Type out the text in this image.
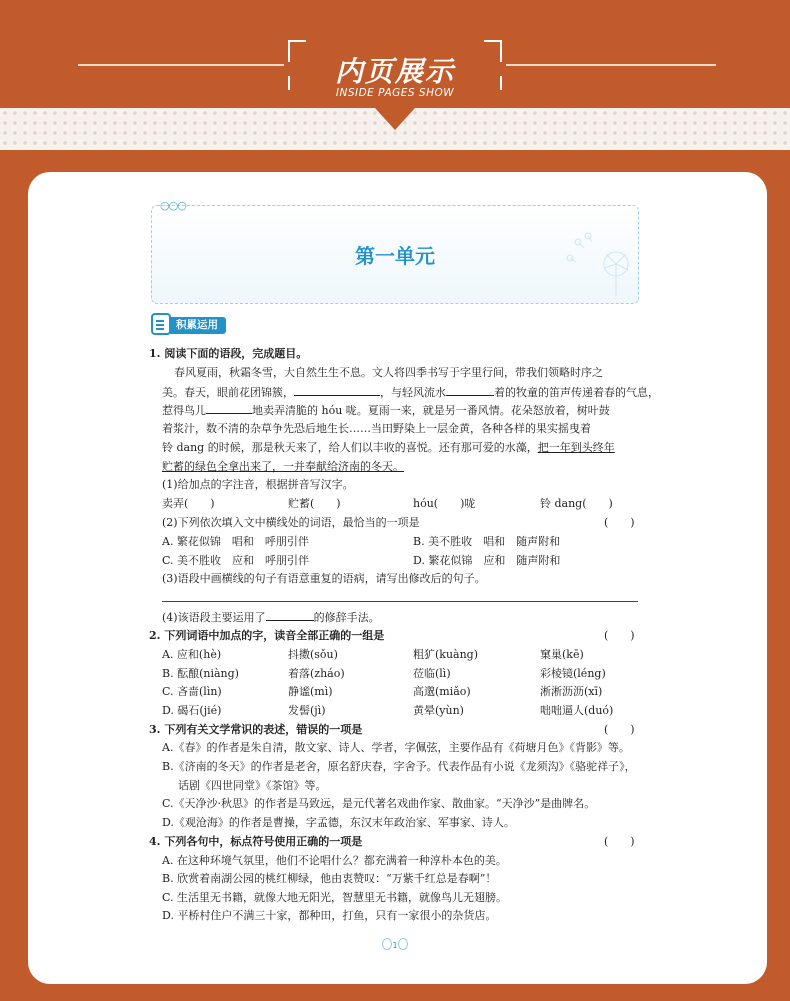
内页展示
INSIDE PAGES SHOW
○○○
第一单元
积累运用
1. 阅读下面的语段，完成题目。
春风夏雨，秋霜冬雪，大自然生生不息。文人将四季书写于字里行间，带我们领略时序之
美。春天，眼前花团锦簇，	，与轻风流水	着的牧童的笛声传递着春的气息，
惹得鸟儿	地卖弄清脆的 hóu 咙。夏雨一来，就是另一番风情。花朵怒放着，树叶鼓
着浆汁，数不清的杂草争先恐后地生长……当田野染上一层金黄，各种各样的果实摇曳着
铃 dang 的时候，那是秋天来了，给人们以丰收的喜悦。还有那可爱的水藻，把一年到头终年
贮蓄的绿色全拿出来了，一并奉献给济南的冬天。
(1)给加点的字注音，根据拼音写汉字。
卖弄(　　)	贮蓄(　　)	hóu(　　)咙	铃 dang(　　)
(2)下列依次填入文中横线处的词语，最恰当的一项是	(　　)
A. 繁花似锦　唱和　呼朋引伴	B. 美不胜收　唱和　随声附和
C. 美不胜收　应和　呼朋引伴	D. 繁花似锦　应和　随声附和
(3)语段中画横线的句子有语意重复的语病，请写出修改后的句子。
(4)该语段主要运用了	的修辞手法。
2. 下列词语中加点的字，读音全部正确的一组是	(　　)
A. 应和(hè)	抖擞(sǒu)	粗犷(kuàng)	窠巢(kē)
B. 酝酿(niàng)	着落(zháo)	莅临(lì)	彩棱镜(léng)
C. 吝啬(lìn)	静谧(mì)	高邈(miǎo)	淅淅沥沥(xī)
D. 碣石(jié)	发髻(jì)	黄晕(yùn)	咄咄逼人(duó)
3. 下列有关文学常识的表述，错误的一项是	(　　)
A.《春》的作者是朱自清，散文家、诗人、学者，字佩弦，主要作品有《荷塘月色》《背影》等。
B.《济南的冬天》的作者是老舍，原名舒庆春，字舍予。代表作品有小说《龙须沟》《骆驼祥子》，
话剧《四世同堂》《茶馆》等。
C.《天净沙·秋思》的作者是马致远，是元代著名戏曲作家、散曲家。“天净沙”是曲牌名。
D.《观沧海》的作者是曹操，字孟德，东汉末年政治家、军事家、诗人。
4. 下列各句中，标点符号使用正确的一项是	(　　)
A. 在这种环境气氛里，他们不论唱什么？都充满着一种淳朴本色的美。
B. 欣赏着南湖公园的桃红柳绿，他由衷赞叹：“万紫千红总是春啊”！
C. 生活里无书籍，就像大地无阳光，智慧里无书籍，就像鸟儿无翅膀。
D. 平桥村住户不满三十家，都种田，打鱼，只有一家很小的杂货店。
1
